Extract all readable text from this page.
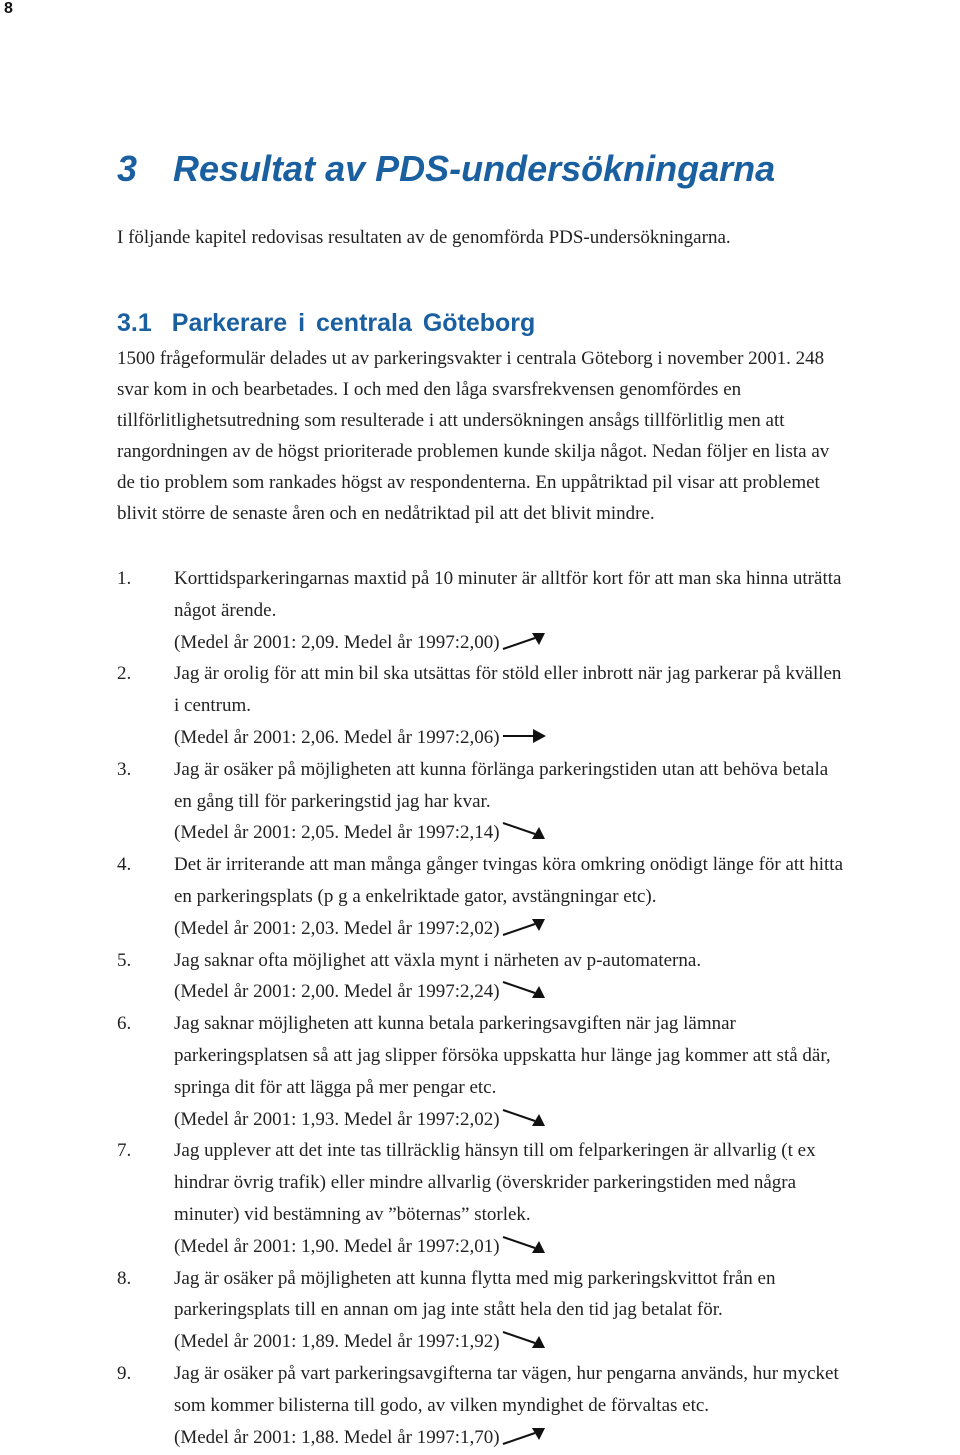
8
3 Resultat av PDS-undersökningarna

I följande kapitel redovisas resultaten av de genomförda PDS-undersökningarna.

3.1 Parkerare i centrala Göteborg
1500 frågeformulär delades ut av parkeringsvakter i centrala Göteborg i november 2001. 248
svar kom in och bearbetades. I och med den låga svarsfrekvensen genomfördes en
tillförlitlighetsutredning som resulterade i att undersökningen ansågs tillförlitlig men att
rangordningen av de högst prioriterade problemen kunde skilja något. Nedan följer en lista av
de tio problem som rankades högst av respondenterna. En uppåtriktad pil visar att problemet
blivit större de senaste åren och en nedåtriktad pil att det blivit mindre.
1. Korttidsparkeringarnas maxtid på 10 minuter är alltför kort för att man ska hinna uträtta
något ärende.
(Medel år 2001: 2,09. Medel år 1997:2,00)
2. Jag är orolig för att min bil ska utsättas för stöld eller inbrott när jag parkerar på kvällen
i centrum.
(Medel år 2001: 2,06. Medel år 1997:2,06)
3. Jag är osäker på möjligheten att kunna förlänga parkeringstiden utan att behöva betala
en gång till för parkeringstid jag har kvar.
(Medel år 2001: 2,05. Medel år 1997:2,14)
4. Det är irriterande att man många gånger tvingas köra omkring onödigt länge för att hitta
en parkeringsplats (p g a enkelriktade gator, avstängningar etc).
(Medel år 2001: 2,03. Medel år 1997:2,02)
5. Jag saknar ofta möjlighet att växla mynt i närheten av p-automaterna.
(Medel år 2001: 2,00. Medel år 1997:2,24)
6. Jag saknar möjligheten att kunna betala parkeringsavgiften när jag lämnar
parkeringsplatsen så att jag slipper försöka uppskatta hur länge jag kommer att stå där,
springa dit för att lägga på mer pengar etc.
(Medel år 2001: 1,93. Medel år 1997:2,02)
7. Jag upplever att det inte tas tillräcklig hänsyn till om felparkeringen är allvarlig (t ex
hindrar övrig trafik) eller mindre allvarlig (överskrider parkeringstiden med några
minuter) vid bestämning av ”böternas” storlek.
(Medel år 2001: 1,90. Medel år 1997:2,01)
8. Jag är osäker på möjligheten att kunna flytta med mig parkeringskvittot från en
parkeringsplats till en annan om jag inte stått hela den tid jag betalat för.
(Medel år 2001: 1,89. Medel år 1997:1,92)
9. Jag är osäker på vart parkeringsavgifterna tar vägen, hur pengarna används, hur mycket
som kommer bilisterna till godo, av vilken myndighet de förvaltas etc.
(Medel år 2001: 1,88. Medel år 1997:1,70)
